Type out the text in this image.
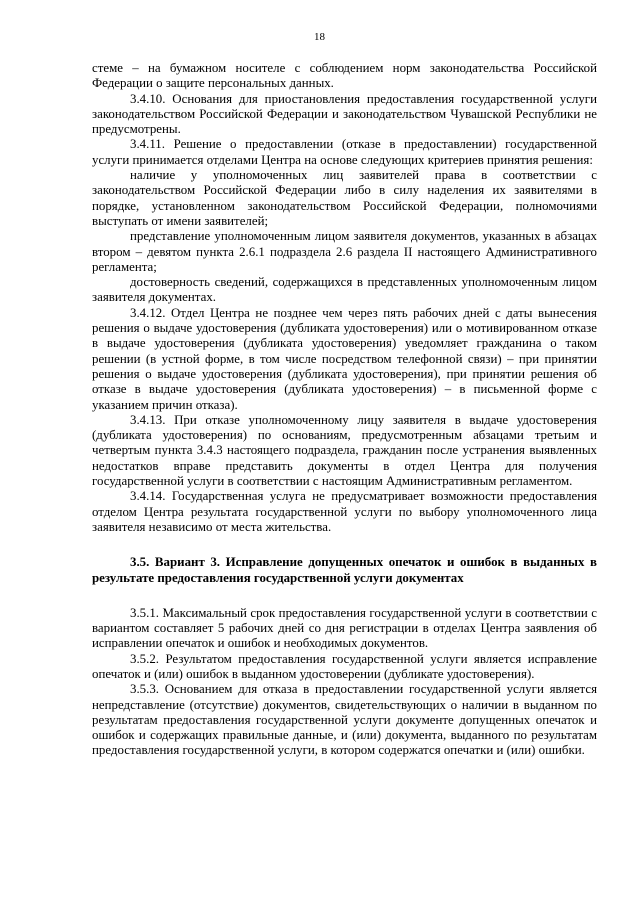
18

стеме – на бумажном носителе с соблюдением норм законодательства Российской Федерации о защите персональных данных.

3.4.10. Основания для приостановления предоставления государственной услуги законодательством Российской Федерации и законодательством Чувашской Республики не предусмотрены.

3.4.11. Решение о предоставлении (отказе в предоставлении) государственной услуги принимается отделами Центра на основе следующих критериев принятия решения:

наличие у уполномоченных лиц заявителей права в соответствии с законодательством Российской Федерации либо в силу наделения их заявителями в порядке, установленном законодательством Российской Федерации, полномочиями выступать от имени заявителей;

представление уполномоченным лицом заявителя документов, указанных в абзацах втором – девятом пункта 2.6.1 подраздела 2.6 раздела II настоящего Административного регламента;

достоверность сведений, содержащихся в представленных уполномоченным лицом заявителя документах.

3.4.12. Отдел Центра не позднее чем через пять рабочих дней с даты вынесения решения о выдаче удостоверения (дубликата удостоверения) или о мотивированном отказе в выдаче удостоверения (дубликата удостоверения) уведомляет гражданина о таком решении (в устной форме, в том числе посредством телефонной связи) – при принятии решения о выдаче удостоверения (дубликата удостоверения), при принятии решения об отказе в выдаче удостоверения (дубликата удостоверения) – в письменной форме с указанием причин отказа).

3.4.13. При отказе уполномоченному лицу заявителя в выдаче удостоверения (дубликата удостоверения) по основаниям, предусмотренным абзацами третьим и четвертым пункта 3.4.3 настоящего подраздела, гражданин после устранения выявленных недостатков вправе представить документы в отдел Центра для получения государственной услуги в соответствии с настоящим Административным регламентом.

3.4.14. Государственная услуга не предусматривает возможности предоставления отделом Центра результата государственной услуги по выбору уполномоченного лица заявителя независимо от места жительства.

3.5. Вариант 3. Исправление допущенных опечаток и ошибок в выданных в результате предоставления государственной услуги документах

3.5.1. Максимальный срок предоставления государственной услуги в соответствии с вариантом составляет 5 рабочих дней со дня регистрации в отделах Центра заявления об исправлении опечаток и ошибок и необходимых документов.

3.5.2. Результатом предоставления государственной услуги является исправление опечаток и (или) ошибок в выданном удостоверении (дубликате удостоверения).

3.5.3. Основанием для отказа в предоставлении государственной услуги является непредставление (отсутствие) документов, свидетельствующих о наличии в выданном по результатам предоставления государственной услуги документе допущенных опечаток и ошибок и содержащих правильные данные, и (или) документа, выданного по результатам предоставления государственной услуги, в котором содержатся опечатки и (или) ошибки.
